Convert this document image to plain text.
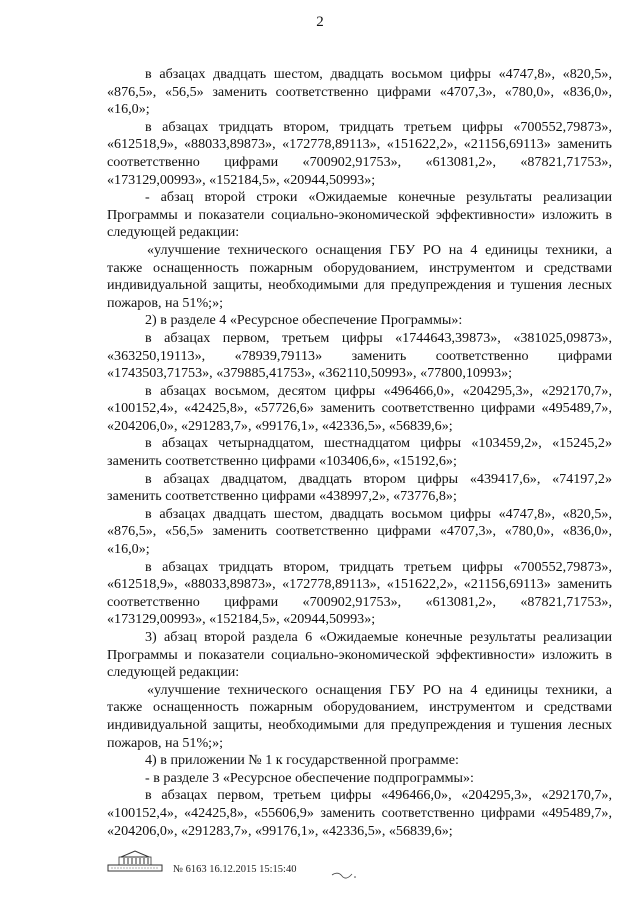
2

в абзацах двадцать шестом, двадцать восьмом цифры «4747,8», «820,5», «876,5», «56,5» заменить соответственно цифрами «4707,3», «780,0», «836,0», «16,0»;

в абзацах тридцать втором, тридцать третьем цифры «700552,79873», «612518,9», «88033,89873», «172778,89113», «151622,2», «21156,69113» заменить соответственно цифрами «700902,91753», «613081,2», «87821,71753», «173129,00993», «152184,5», «20944,50993»;

- абзац второй строки «Ожидаемые конечные результаты реализации Программы и показатели социально-экономической эффективности» изложить в следующей редакции:

«улучшение технического оснащения ГБУ РО на 4 единицы техники, а также оснащенность пожарным оборудованием, инструментом и средствами индивидуальной защиты, необходимыми для предупреждения и тушения лесных пожаров, на 51%;»;

2) в разделе 4 «Ресурсное обеспечение Программы»:

в абзацах первом, третьем цифры «1744643,39873», «381025,09873», «363250,19113», «78939,79113» заменить соответственно цифрами «1743503,71753», «379885,41753», «362110,50993», «77800,10993»;

в абзацах восьмом, десятом цифры «496466,0», «204295,3», «292170,7», «100152,4», «42425,8», «57726,6» заменить соответственно цифрами «495489,7», «204206,0», «291283,7», «99176,1», «42336,5», «56839,6»;

в абзацах четырнадцатом, шестнадцатом цифры «103459,2», «15245,2» заменить соответственно цифрами «103406,6», «15192,6»;

в абзацах двадцатом, двадцать втором цифры «439417,6», «74197,2» заменить соответственно цифрами «438997,2», «73776,8»;

в абзацах двадцать шестом, двадцать восьмом цифры «4747,8», «820,5», «876,5», «56,5» заменить соответственно цифрами «4707,3», «780,0», «836,0», «16,0»;

в абзацах тридцать втором, тридцать третьем цифры «700552,79873», «612518,9», «88033,89873», «172778,89113», «151622,2», «21156,69113» заменить соответственно цифрами «700902,91753», «613081,2», «87821,71753», «173129,00993», «152184,5», «20944,50993»;

3) абзац второй раздела 6 «Ожидаемые конечные результаты реализации Программы и показатели социально-экономической эффективности» изложить в следующей редакции:

«улучшение технического оснащения ГБУ РО на 4 единицы техники, а также оснащенность пожарным оборудованием, инструментом и средствами индивидуальной защиты, необходимыми для предупреждения и тушения лесных пожаров, на 51%;»;

4) в приложении № 1 к государственной программе:

- в разделе 3 «Ресурсное обеспечение подпрограммы»:

в абзацах первом, третьем цифры «496466,0», «204295,3», «292170,7», «100152,4», «42425,8», «55606,9» заменить соответственно цифрами «495489,7», «204206,0», «291283,7», «99176,1», «42336,5», «56839,6»;

№ 6163 16.12.2015 15:15:40
